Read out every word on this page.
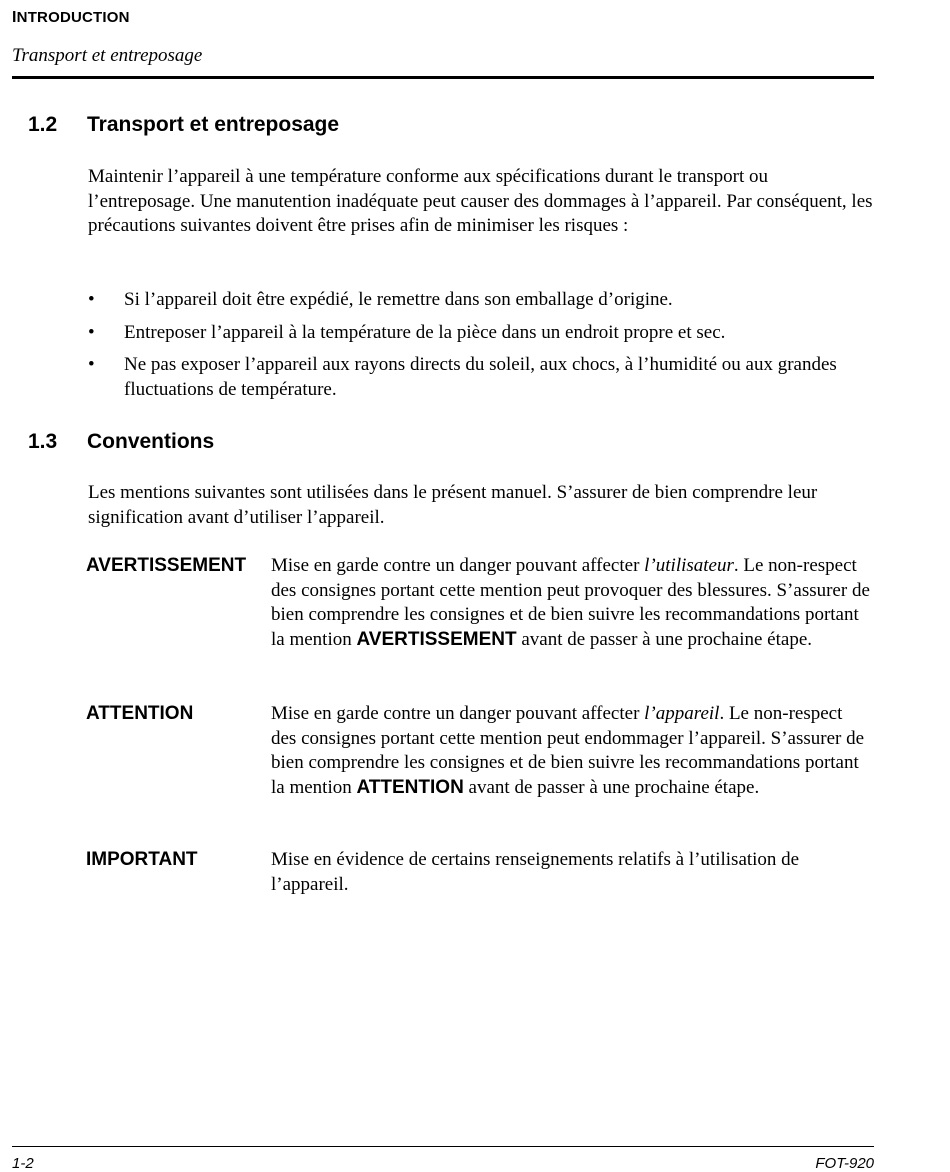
INTRODUCTION
Transport et entreposage
1.2 Transport et entreposage
Maintenir l’appareil à une température conforme aux spécifications durant le transport ou l’entreposage. Une manutention inadéquate peut causer des dommages à l’appareil. Par conséquent, les précautions suivantes doivent être prises afin de minimiser les risques :
• Si l’appareil doit être expédié, le remettre dans son emballage d’origine.
• Entreposer l’appareil à la température de la pièce dans un endroit propre et sec.
• Ne pas exposer l’appareil aux rayons directs du soleil, aux chocs, à l’humidité ou aux grandes fluctuations de température.
1.3 Conventions
Les mentions suivantes sont utilisées dans le présent manuel. S’assurer de bien comprendre leur signification avant d’utiliser l’appareil.
AVERTISSEMENT Mise en garde contre un danger pouvant affecter l’utilisateur. Le non-respect des consignes portant cette mention peut provoquer des blessures. S’assurer de bien comprendre les consignes et de bien suivre les recommandations portant la mention AVERTISSEMENT avant de passer à une prochaine étape.
ATTENTION	Mise en garde contre un danger pouvant affecter l’appareil. Le non-respect des consignes portant cette mention peut endommager l’appareil. S’assurer de bien comprendre les consignes et de bien suivre les recommandations portant la mention ATTENTION avant de passer à une prochaine étape.
IMPORTANT	Mise en évidence de certains renseignements relatifs à l’utilisation de l’appareil.
1-2	FOT-920
